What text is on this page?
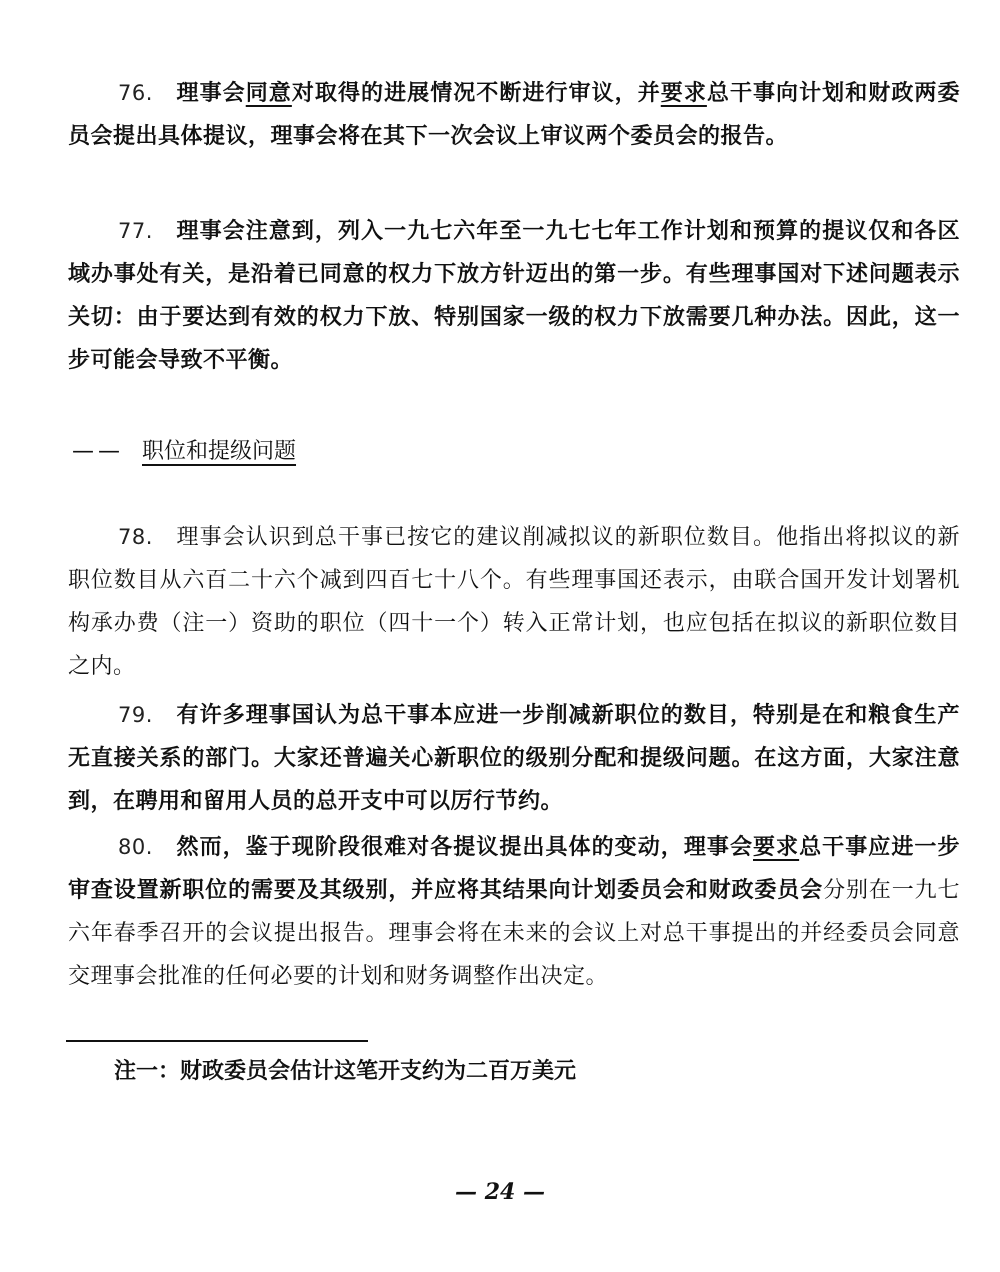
76. 理事会同意对取得的进展情况不断进行审议，并要求总干事向计划和财政两委员会提出具体提议，理事会将在其下一次会议上审议两个委员会的报告。

77. 理事会注意到，列入一九七六年至一九七七年工作计划和预算的提议仅和各区域办事处有关，是沿着已同意的权力下放方针迈出的第一步。有些理事国对下述问题表示关切：由于要达到有效的权力下放、特别国家一级的权力下放需要几种办法。因此，这一步可能会导致不平衡。

—— 职位和提级问题

78. 理事会认识到总干事已按它的建议削减拟议的新职位数目。他指出将拟议的新职位数目从六百二十六个减到四百七十八个。有些理事国还表示，由联合国开发计划署机构承办费（注一）资助的职位（四十一个）转入正常计划，也应包括在拟议的新职位数目之内。

79. 有许多理事国认为总干事本应进一步削减新职位的数目，特别是在和粮食生产无直接关系的部门。大家还普遍关心新职位的级别分配和提级问题。在这方面，大家注意到，在聘用和留用人员的总开支中可以厉行节约。

80. 然而，鉴于现阶段很难对各提议提出具体的变动，理事会要求总干事应进一步审查设置新职位的需要及其级别，并应将其结果向计划委员会和财政委员会分别在一九七六年春季召开的会议提出报告。理事会将在未来的会议上对总干事提出的并经委员会同意交理事会批准的任何必要的计划和财务调整作出决定。

注一：财政委员会估计这笔开支约为二百万美元
— 24 —
